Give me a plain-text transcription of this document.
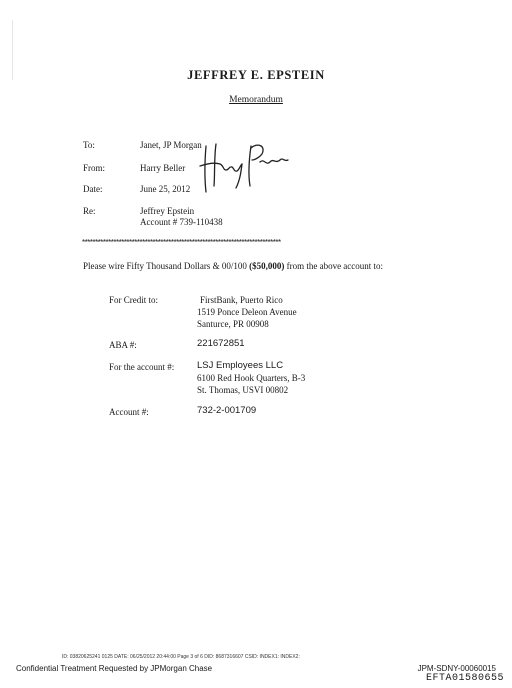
JEFFREY E. EPSTEIN
Memorandum
To:	Janet, JP Morgan
From:	Harry Beller
Date:	June 25, 2012
Re:	Jeffrey Epstein
Account # 739-110438
****************************************************************************
Please wire Fifty Thousand Dollars & 00/100 ($50,000) from the above account to:
For Credit to:	FirstBank, Puerto Rico
1519 Ponce Deleon Avenue
Santurce, PR 00908
ABA #:	221672851
For the account #: LSJ Employees LLC
6100 Red Hook Quarters, B-3
St. Thomas, USVI 00802
Account #:	732-2-001709
ID: 03820625241 0125 DATE: 06/25/2012 20:44:00 Page 3 of 6 DID: 8687316607 CSID: INDEX1: INDEX2:
Confidential Treatment Requested by JPMorgan Chase	JPM-SDNY-00060015
EFTA01580655
